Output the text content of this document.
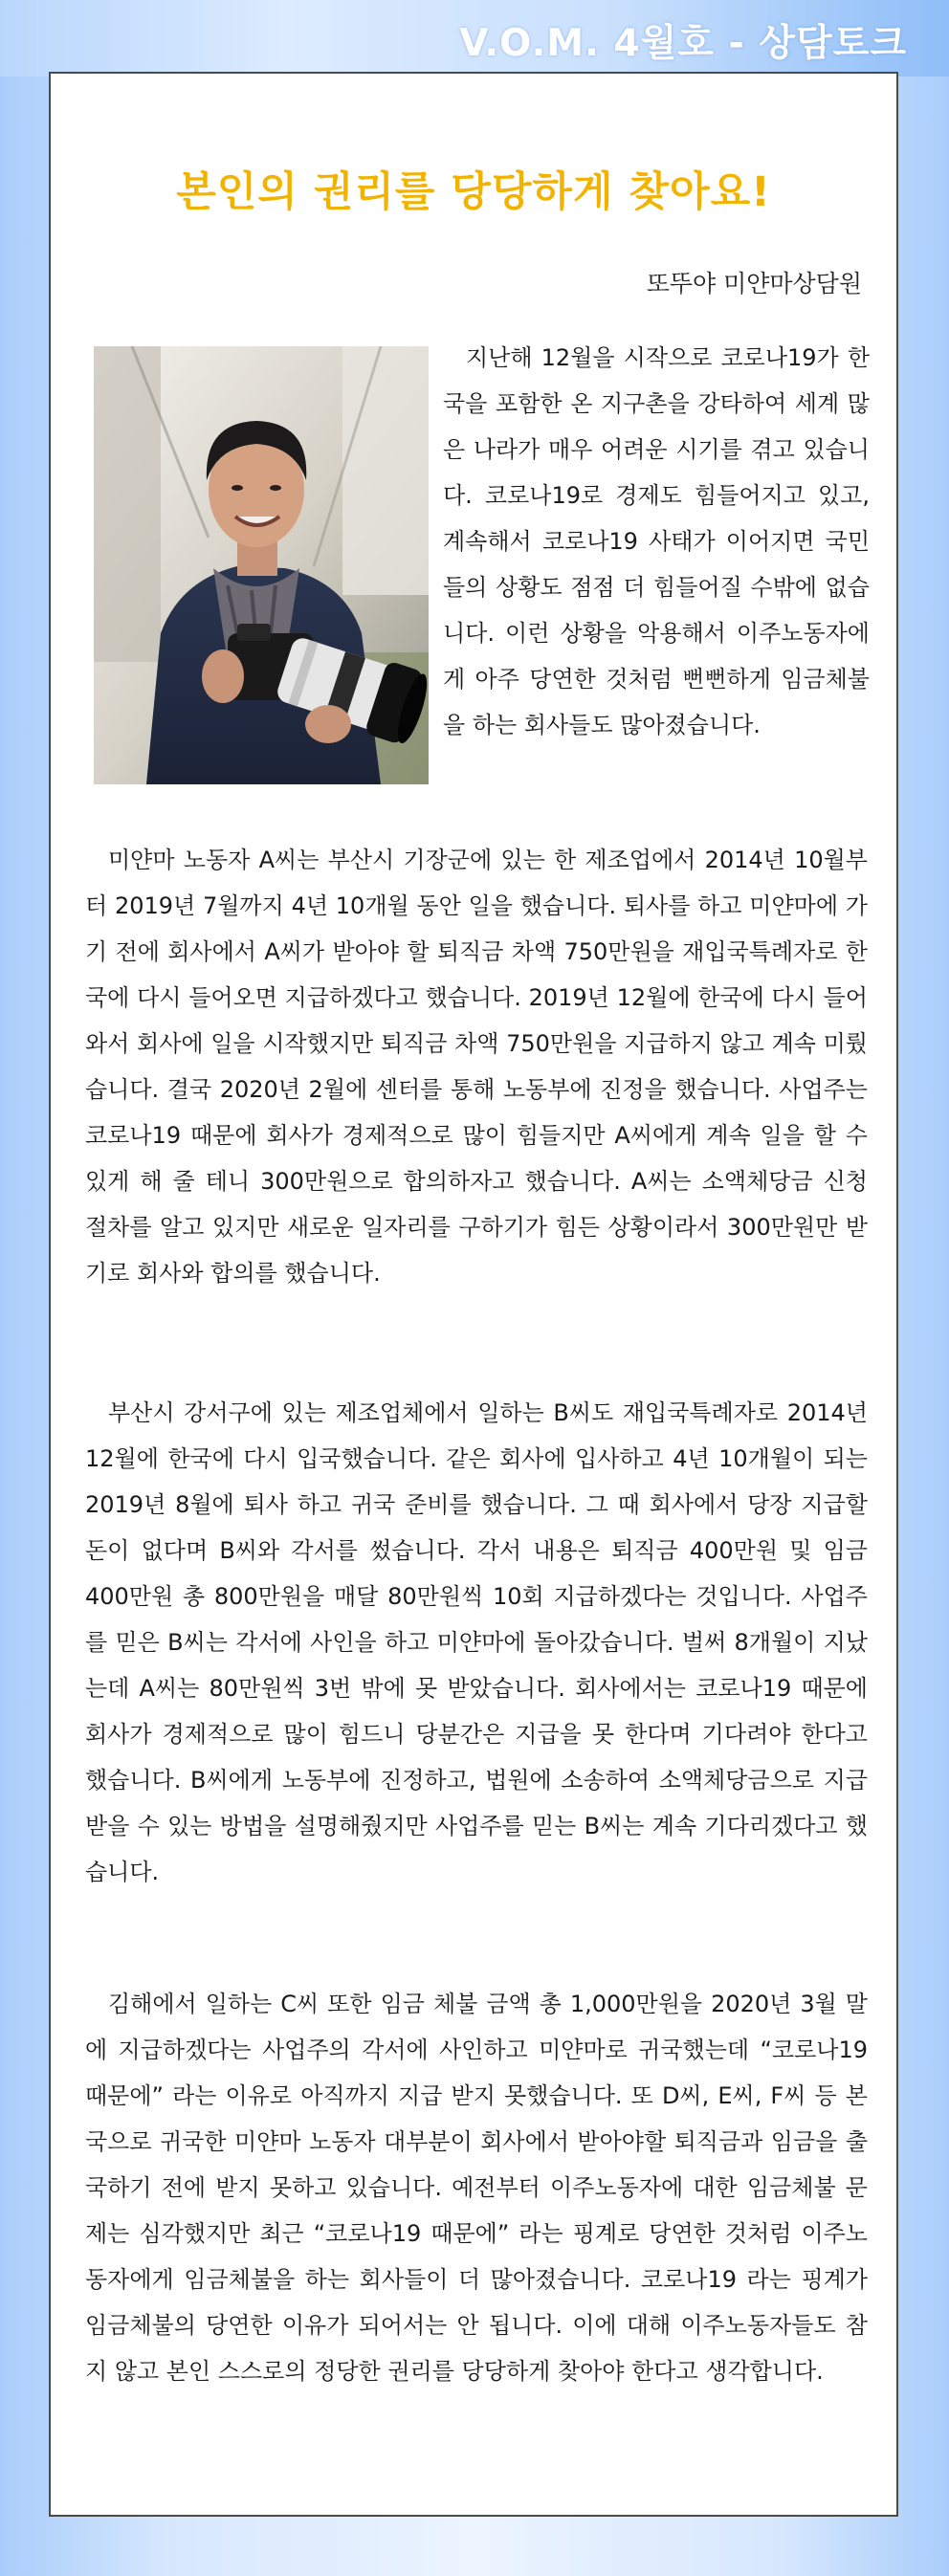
V.O.M. 4월호 - 상담토크
본인의 권리를 당당하게 찾아요!
또뚜야 미얀마상담원

지난해 12월을 시작으로 코로나19가 한국을 포함한 온 지구촌을 강타하여 세계 많은 나라가 매우 어려운 시기를 겪고 있습니다. 코로나19로 경제도 힘들어지고 있고, 계속해서 코로나19 사태가 이어지면 국민들의 상황도 점점 더 힘들어질 수밖에 없습니다. 이런 상황을 악용해서 이주노동자에게 아주 당연한 것처럼 뻔뻔하게 임금체불을 하는 회사들도 많아졌습니다.

미얀마 노동자 A씨는 부산시 기장군에 있는 한 제조업에서 2014년 10월부터 2019년 7월까지 4년 10개월 동안 일을 했습니다. 퇴사를 하고 미얀마에 가기 전에 회사에서 A씨가 받아야 할 퇴직금 차액 750만원을 재입국특례자로 한국에 다시 들어오면 지급하겠다고 했습니다. 2019년 12월에 한국에 다시 들어와서 회사에 일을 시작했지만 퇴직금 차액 750만원을 지급하지 않고 계속 미뤘습니다. 결국 2020년 2월에 센터를 통해 노동부에 진정을 했습니다. 사업주는 코로나19 때문에 회사가 경제적으로 많이 힘들지만 A씨에게 계속 일을 할 수 있게 해 줄 테니 300만원으로 합의하자고 했습니다. A씨는 소액체당금 신청 절차를 알고 있지만 새로운 일자리를 구하기가 힘든 상황이라서 300만원만 받기로 회사와 합의를 했습니다.

부산시 강서구에 있는 제조업체에서 일하는 B씨도 재입국특례자로 2014년 12월에 한국에 다시 입국했습니다. 같은 회사에 입사하고 4년 10개월이 되는 2019년 8월에 퇴사 하고 귀국 준비를 했습니다. 그 때 회사에서 당장 지급할 돈이 없다며 B씨와 각서를 썼습니다. 각서 내용은 퇴직금 400만원 및 임금 400만원 총 800만원을 매달 80만원씩 10회 지급하겠다는 것입니다. 사업주를 믿은 B씨는 각서에 사인을 하고 미얀마에 돌아갔습니다. 벌써 8개월이 지났는데 A씨는 80만원씩 3번 밖에 못 받았습니다. 회사에서는 코로나19 때문에 회사가 경제적으로 많이 힘드니 당분간은 지급을 못 한다며 기다려야 한다고 했습니다. B씨에게 노동부에 진정하고, 법원에 소송하여 소액체당금으로 지급 받을 수 있는 방법을 설명해줬지만 사업주를 믿는 B씨는 계속 기다리겠다고 했습니다.

김해에서 일하는 C씨 또한 임금 체불 금액 총 1,000만원을 2020년 3월 말에 지급하겠다는 사업주의 각서에 사인하고 미얀마로 귀국했는데 “코로나19 때문에” 라는 이유로 아직까지 지급 받지 못했습니다. 또 D씨, E씨, F씨 등 본국으로 귀국한 미얀마 노동자 대부분이 회사에서 받아야할 퇴직금과 임금을 출국하기 전에 받지 못하고 있습니다. 예전부터 이주노동자에 대한 임금체불 문제는 심각했지만 최근 “코로나19 때문에” 라는 핑계로 당연한 것처럼 이주노동자에게 임금체불을 하는 회사들이 더 많아졌습니다. 코로나19 라는 핑계가 임금체불의 당연한 이유가 되어서는 안 됩니다. 이에 대해 이주노동자들도 참지 않고 본인 스스로의 정당한 권리를 당당하게 찾아야 한다고 생각합니다.
